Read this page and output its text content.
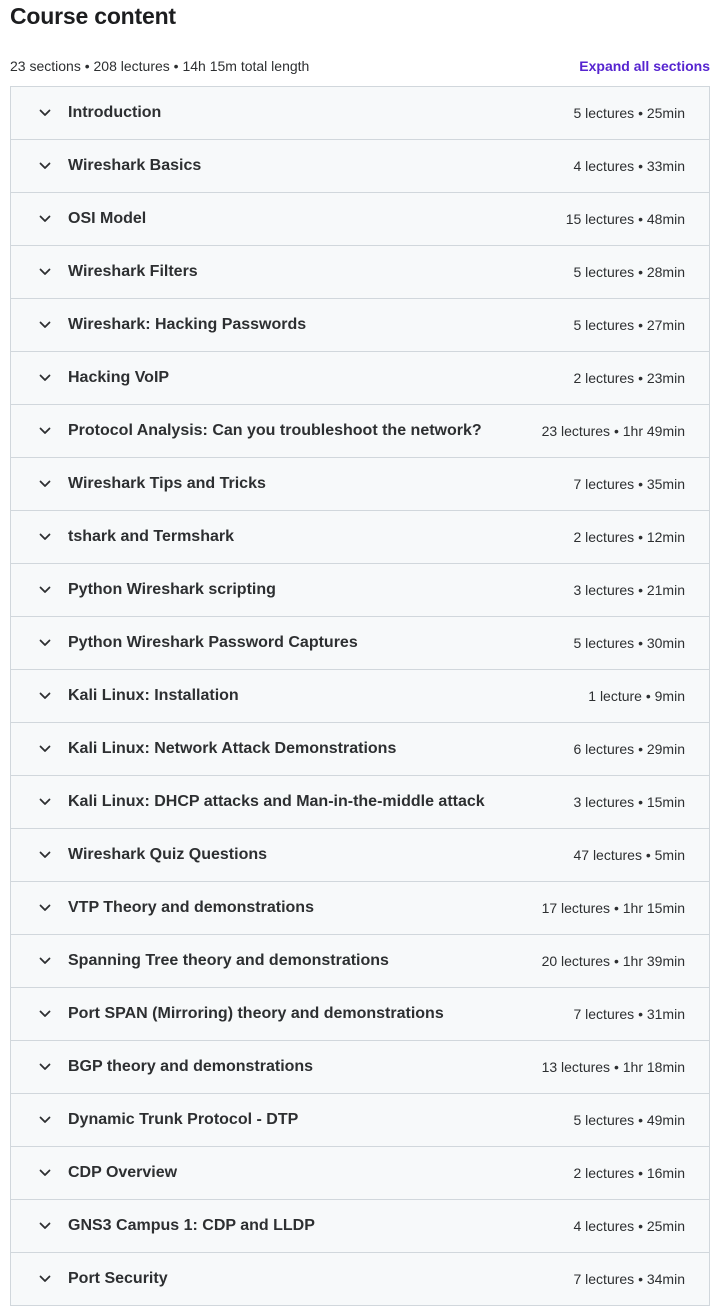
Course content
23 sections • 208 lectures • 14h 15m total length	Expand all sections
Introduction	5 lectures • 25min
Wireshark Basics	4 lectures • 33min
OSI Model	15 lectures • 48min
Wireshark Filters	5 lectures • 28min
Wireshark: Hacking Passwords	5 lectures • 27min
Hacking VoIP	2 lectures • 23min
Protocol Analysis: Can you troubleshoot the network?	23 lectures • 1hr 49min
Wireshark Tips and Tricks	7 lectures • 35min
tshark and Termshark	2 lectures • 12min
Python Wireshark scripting	3 lectures • 21min
Python Wireshark Password Captures	5 lectures • 30min
Kali Linux: Installation	1 lecture • 9min
Kali Linux: Network Attack Demonstrations	6 lectures • 29min
Kali Linux: DHCP attacks and Man-in-the-middle attack	3 lectures • 15min
Wireshark Quiz Questions	47 lectures • 5min
VTP Theory and demonstrations	17 lectures • 1hr 15min
Spanning Tree theory and demonstrations	20 lectures • 1hr 39min
Port SPAN (Mirroring) theory and demonstrations	7 lectures • 31min
BGP theory and demonstrations	13 lectures • 1hr 18min
Dynamic Trunk Protocol - DTP	5 lectures • 49min
CDP Overview	2 lectures • 16min
GNS3 Campus 1: CDP and LLDP	4 lectures • 25min
Port Security	7 lectures • 34min
